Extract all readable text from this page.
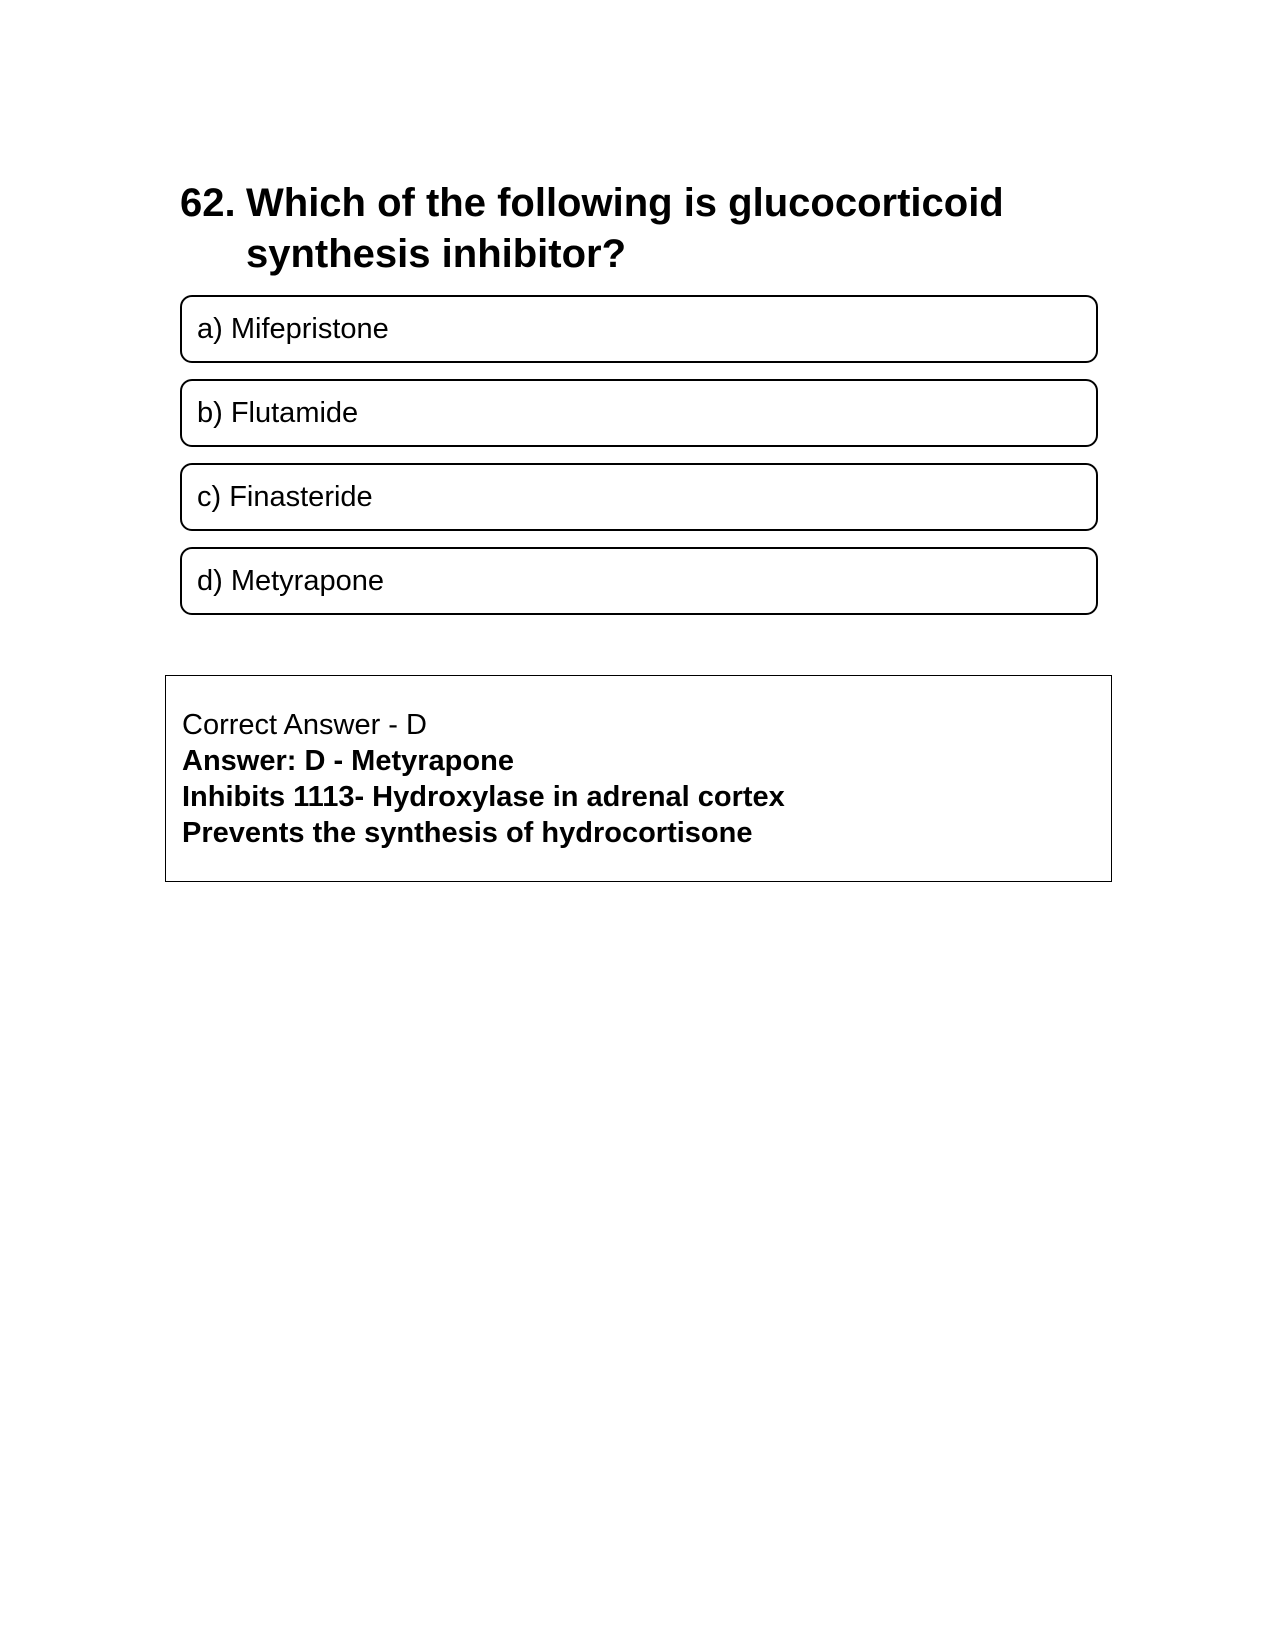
62. Which of the following is glucocorticoid synthesis inhibitor?
a) Mifepristone
b) Flutamide
c) Finasteride
d) Metyrapone
Correct Answer - D
Answer: D - Metyrapone
Inhibits 1113- Hydroxylase in adrenal cortex
Prevents the synthesis of hydrocortisone
